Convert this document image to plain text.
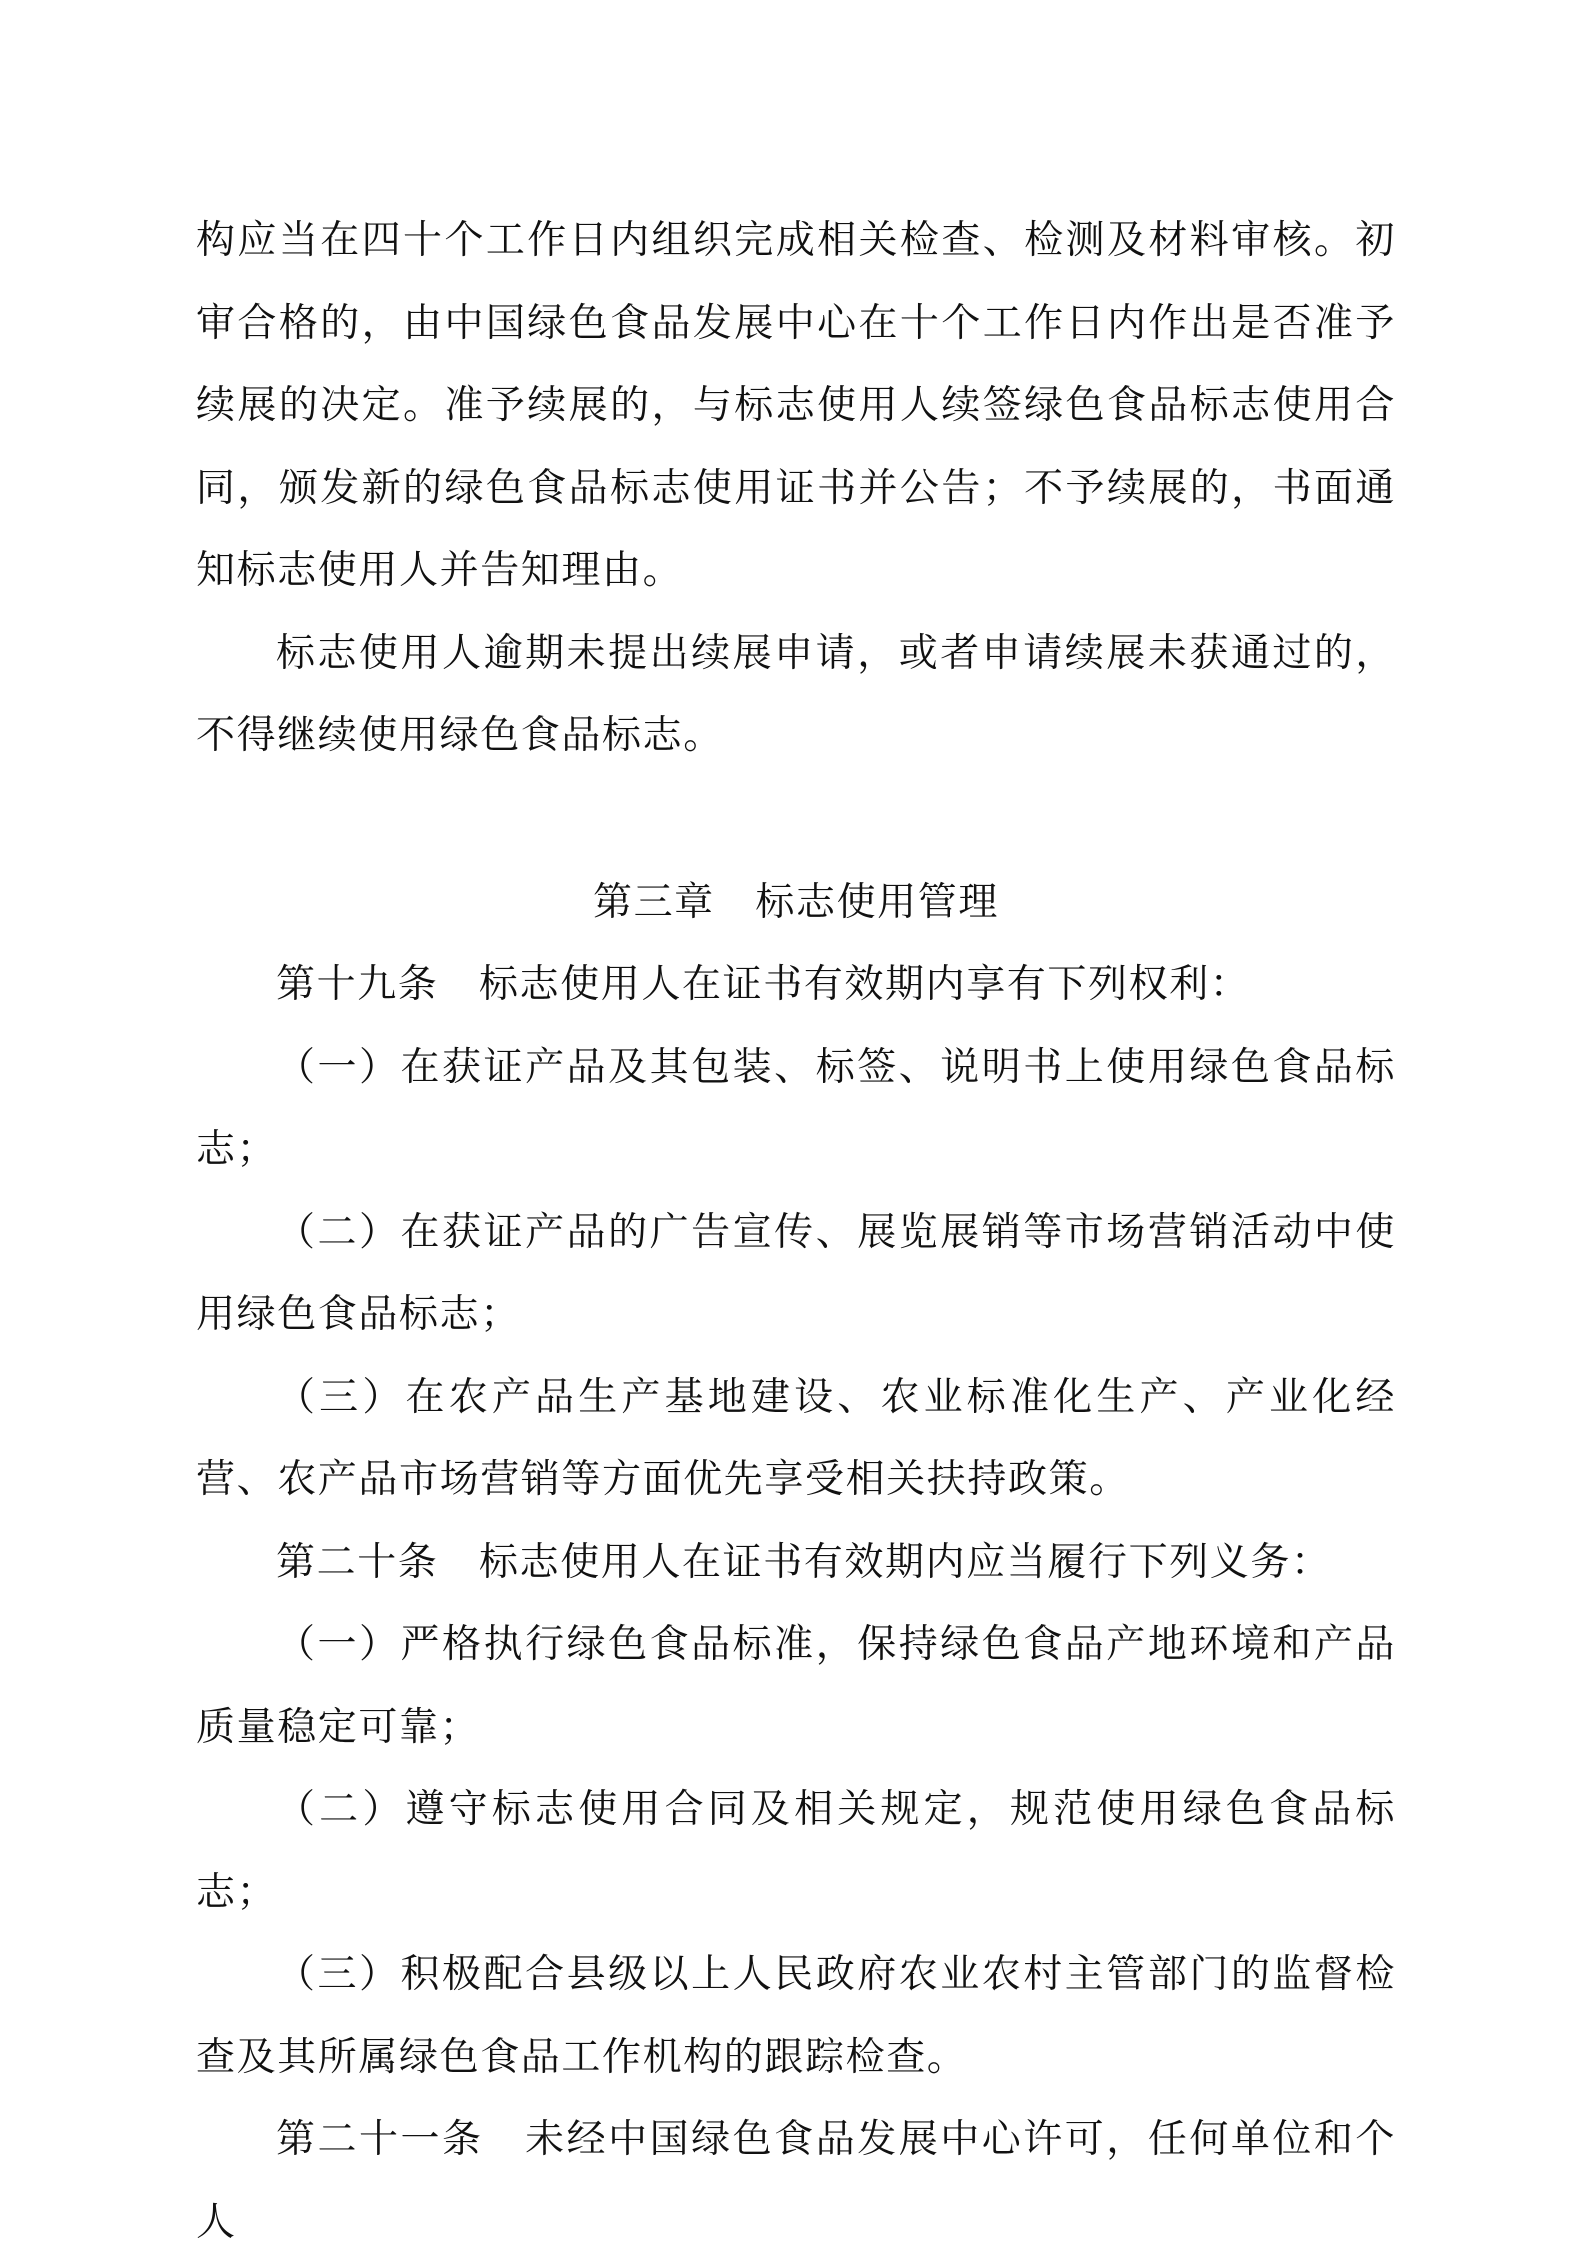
构应当在四十个工作日内组织完成相关检查、检测及材料审核。初审合格的，由中国绿色食品发展中心在十个工作日内作出是否准予续展的决定。准予续展的，与标志使用人续签绿色食品标志使用合同，颁发新的绿色食品标志使用证书并公告；不予续展的，书面通知标志使用人并告知理由。

标志使用人逾期未提出续展申请，或者申请续展未获通过的，不得继续使用绿色食品标志。

第三章　标志使用管理

第十九条　标志使用人在证书有效期内享有下列权利：

（一）在获证产品及其包装、标签、说明书上使用绿色食品标志；

（二）在获证产品的广告宣传、展览展销等市场营销活动中使用绿色食品标志；

（三）在农产品生产基地建设、农业标准化生产、产业化经营、农产品市场营销等方面优先享受相关扶持政策。

第二十条　标志使用人在证书有效期内应当履行下列义务：

（一）严格执行绿色食品标准，保持绿色食品产地环境和产品质量稳定可靠；

（二）遵守标志使用合同及相关规定，规范使用绿色食品标志；

（三）积极配合县级以上人民政府农业农村主管部门的监督检查及其所属绿色食品工作机构的跟踪检查。

第二十一条　未经中国绿色食品发展中心许可，任何单位和个人
